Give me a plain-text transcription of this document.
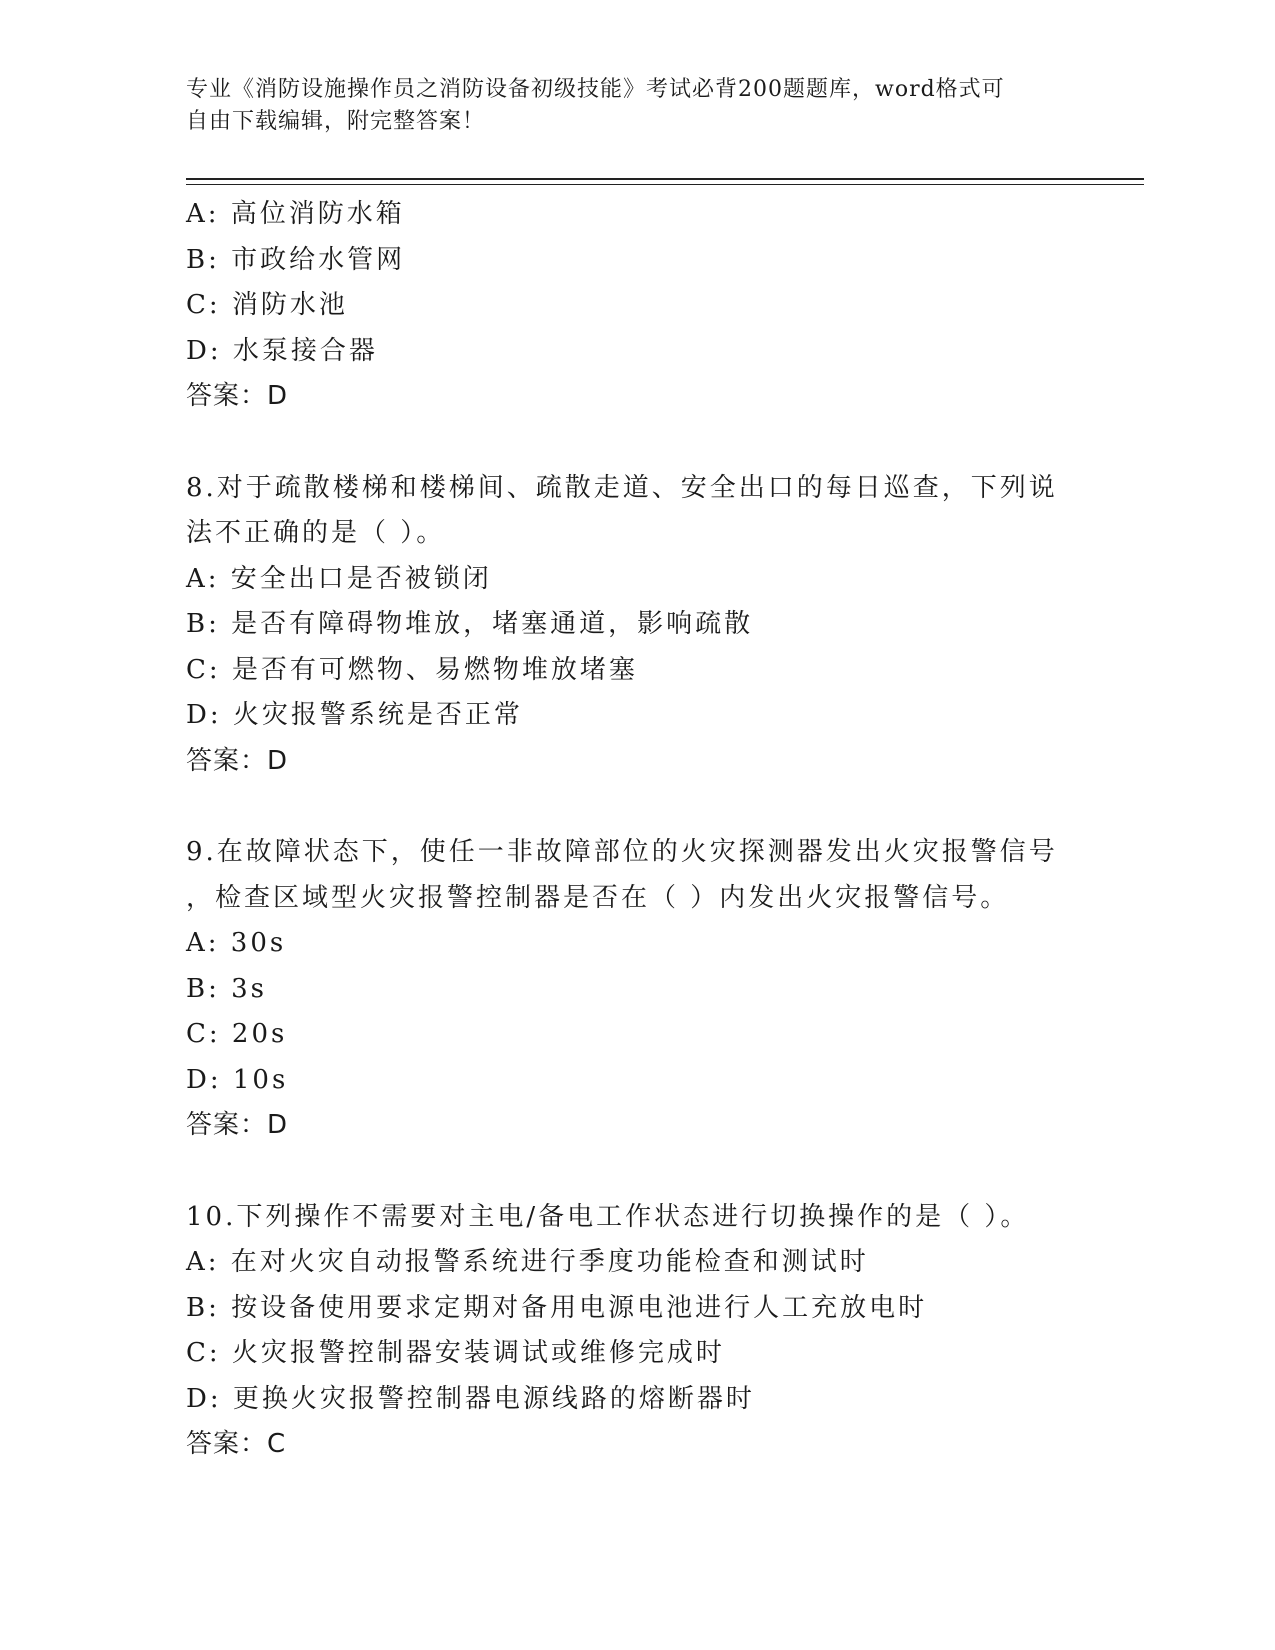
专业《消防设施操作员之消防设备初级技能》考试必背200题题库，word格式可
自由下载编辑，附完整答案！
A: 高位消防水箱
B: 市政给水管网
C: 消防水池
D: 水泵接合器
答案：D
8.对于疏散楼梯和楼梯间、疏散走道、安全出口的每日巡查，下列说
法不正确的是（ ）。
A: 安全出口是否被锁闭
B: 是否有障碍物堆放，堵塞通道，影响疏散
C: 是否有可燃物、易燃物堆放堵塞
D: 火灾报警系统是否正常
答案：D
9.在故障状态下，使任一非故障部位的火灾探测器发出火灾报警信号
，检查区域型火灾报警控制器是否在（ ）内发出火灾报警信号。
A: 30s
B: 3s
C: 20s
D: 10s
答案：D
10.下列操作不需要对主电/备电工作状态进行切换操作的是（ ）。
A: 在对火灾自动报警系统进行季度功能检查和测试时
B: 按设备使用要求定期对备用电源电池进行人工充放电时
C: 火灾报警控制器安装调试或维修完成时
D: 更换火灾报警控制器电源线路的熔断器时
答案：C
